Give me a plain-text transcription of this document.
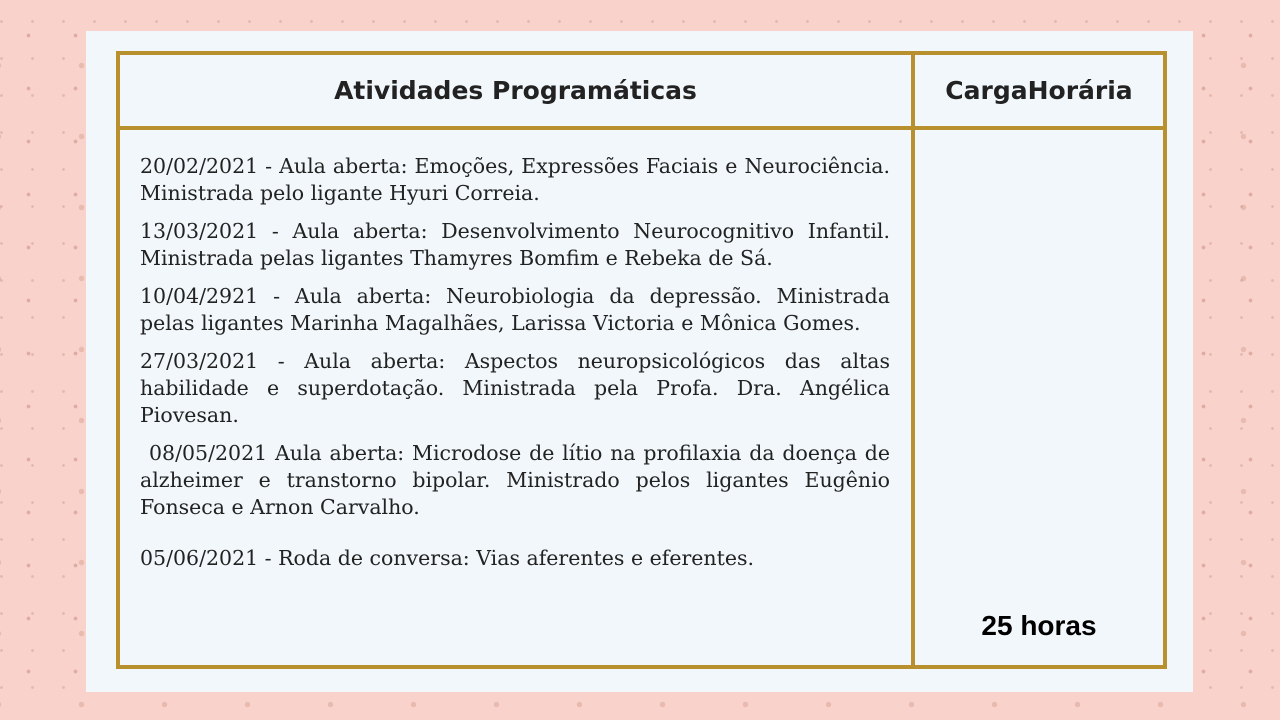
Atividades Programáticas	Carga Horária

20/02/2021 - Aula aberta: Emoções, Expressões Faciais e Neurociência. Ministrada pelo ligante Hyuri Correia.

13/03/2021 - Aula aberta: Desenvolvimento Neurocognitivo Infantil. Ministrada pelas ligantes Thamyres Bomfim e Rebeka de Sá.

10/04/2921 - Aula aberta: Neurobiologia da depressão. Ministrada pelas ligantes Marinha Magalhães, Larissa Victoria e Mônica Gomes.

27/03/2021 - Aula aberta: Aspectos neuropsicológicos das altas habilidade e superdotação. Ministrada pela Profa. Dra. Angélica Piovesan.

08/05/2021 Aula aberta: Microdose de lítio na profilaxia da doença de alzheimer e transtorno bipolar. Ministrado pelos ligantes Eugênio Fonseca e Arnon Carvalho.

05/06/2021 - Roda de conversa: Vias aferentes e eferentes.

25 horas
